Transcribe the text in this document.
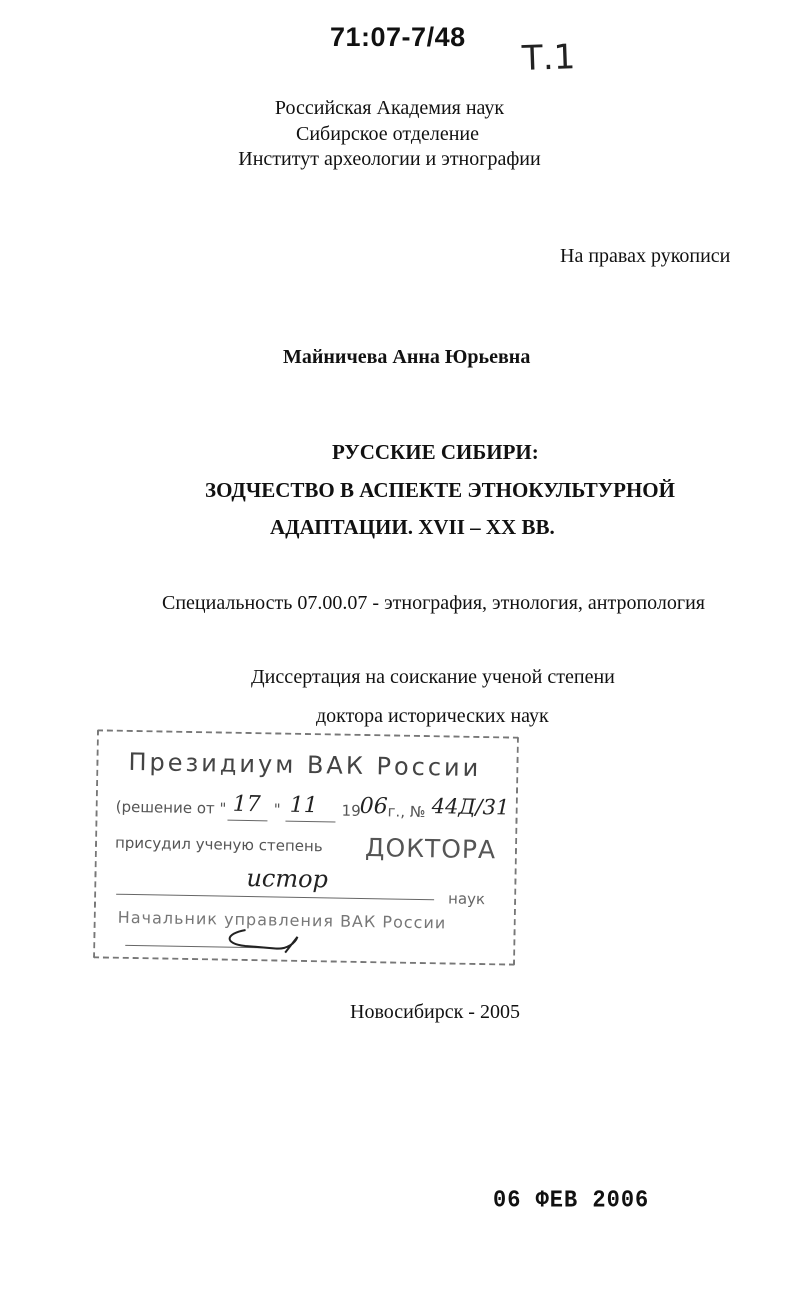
71:07-7/48
Т.1
Российская Академия наук
Сибирское отделение
Институт археологии и этнографии
На правах рукописи
Майничева Анна Юрьевна
РУССКИЕ СИБИРИ:
ЗОДЧЕСТВО В АСПЕКТЕ ЭТНОКУЛЬТУРНОЙ
АДАПТАЦИИ. XVII – XX ВВ.
Специальность 07.00.07 - этнография, этнология, антропология
Диссертация на соискание ученой степени
доктора исторических наук
Президиум ВАК России
(решение от " 17 " 11 19
06 г., № 44Д/31
присудил ученую степень ДОКТОРА
истор
наук
Начальник управления ВАК России
Новосибирск - 2005
06 ФЕВ 2006
